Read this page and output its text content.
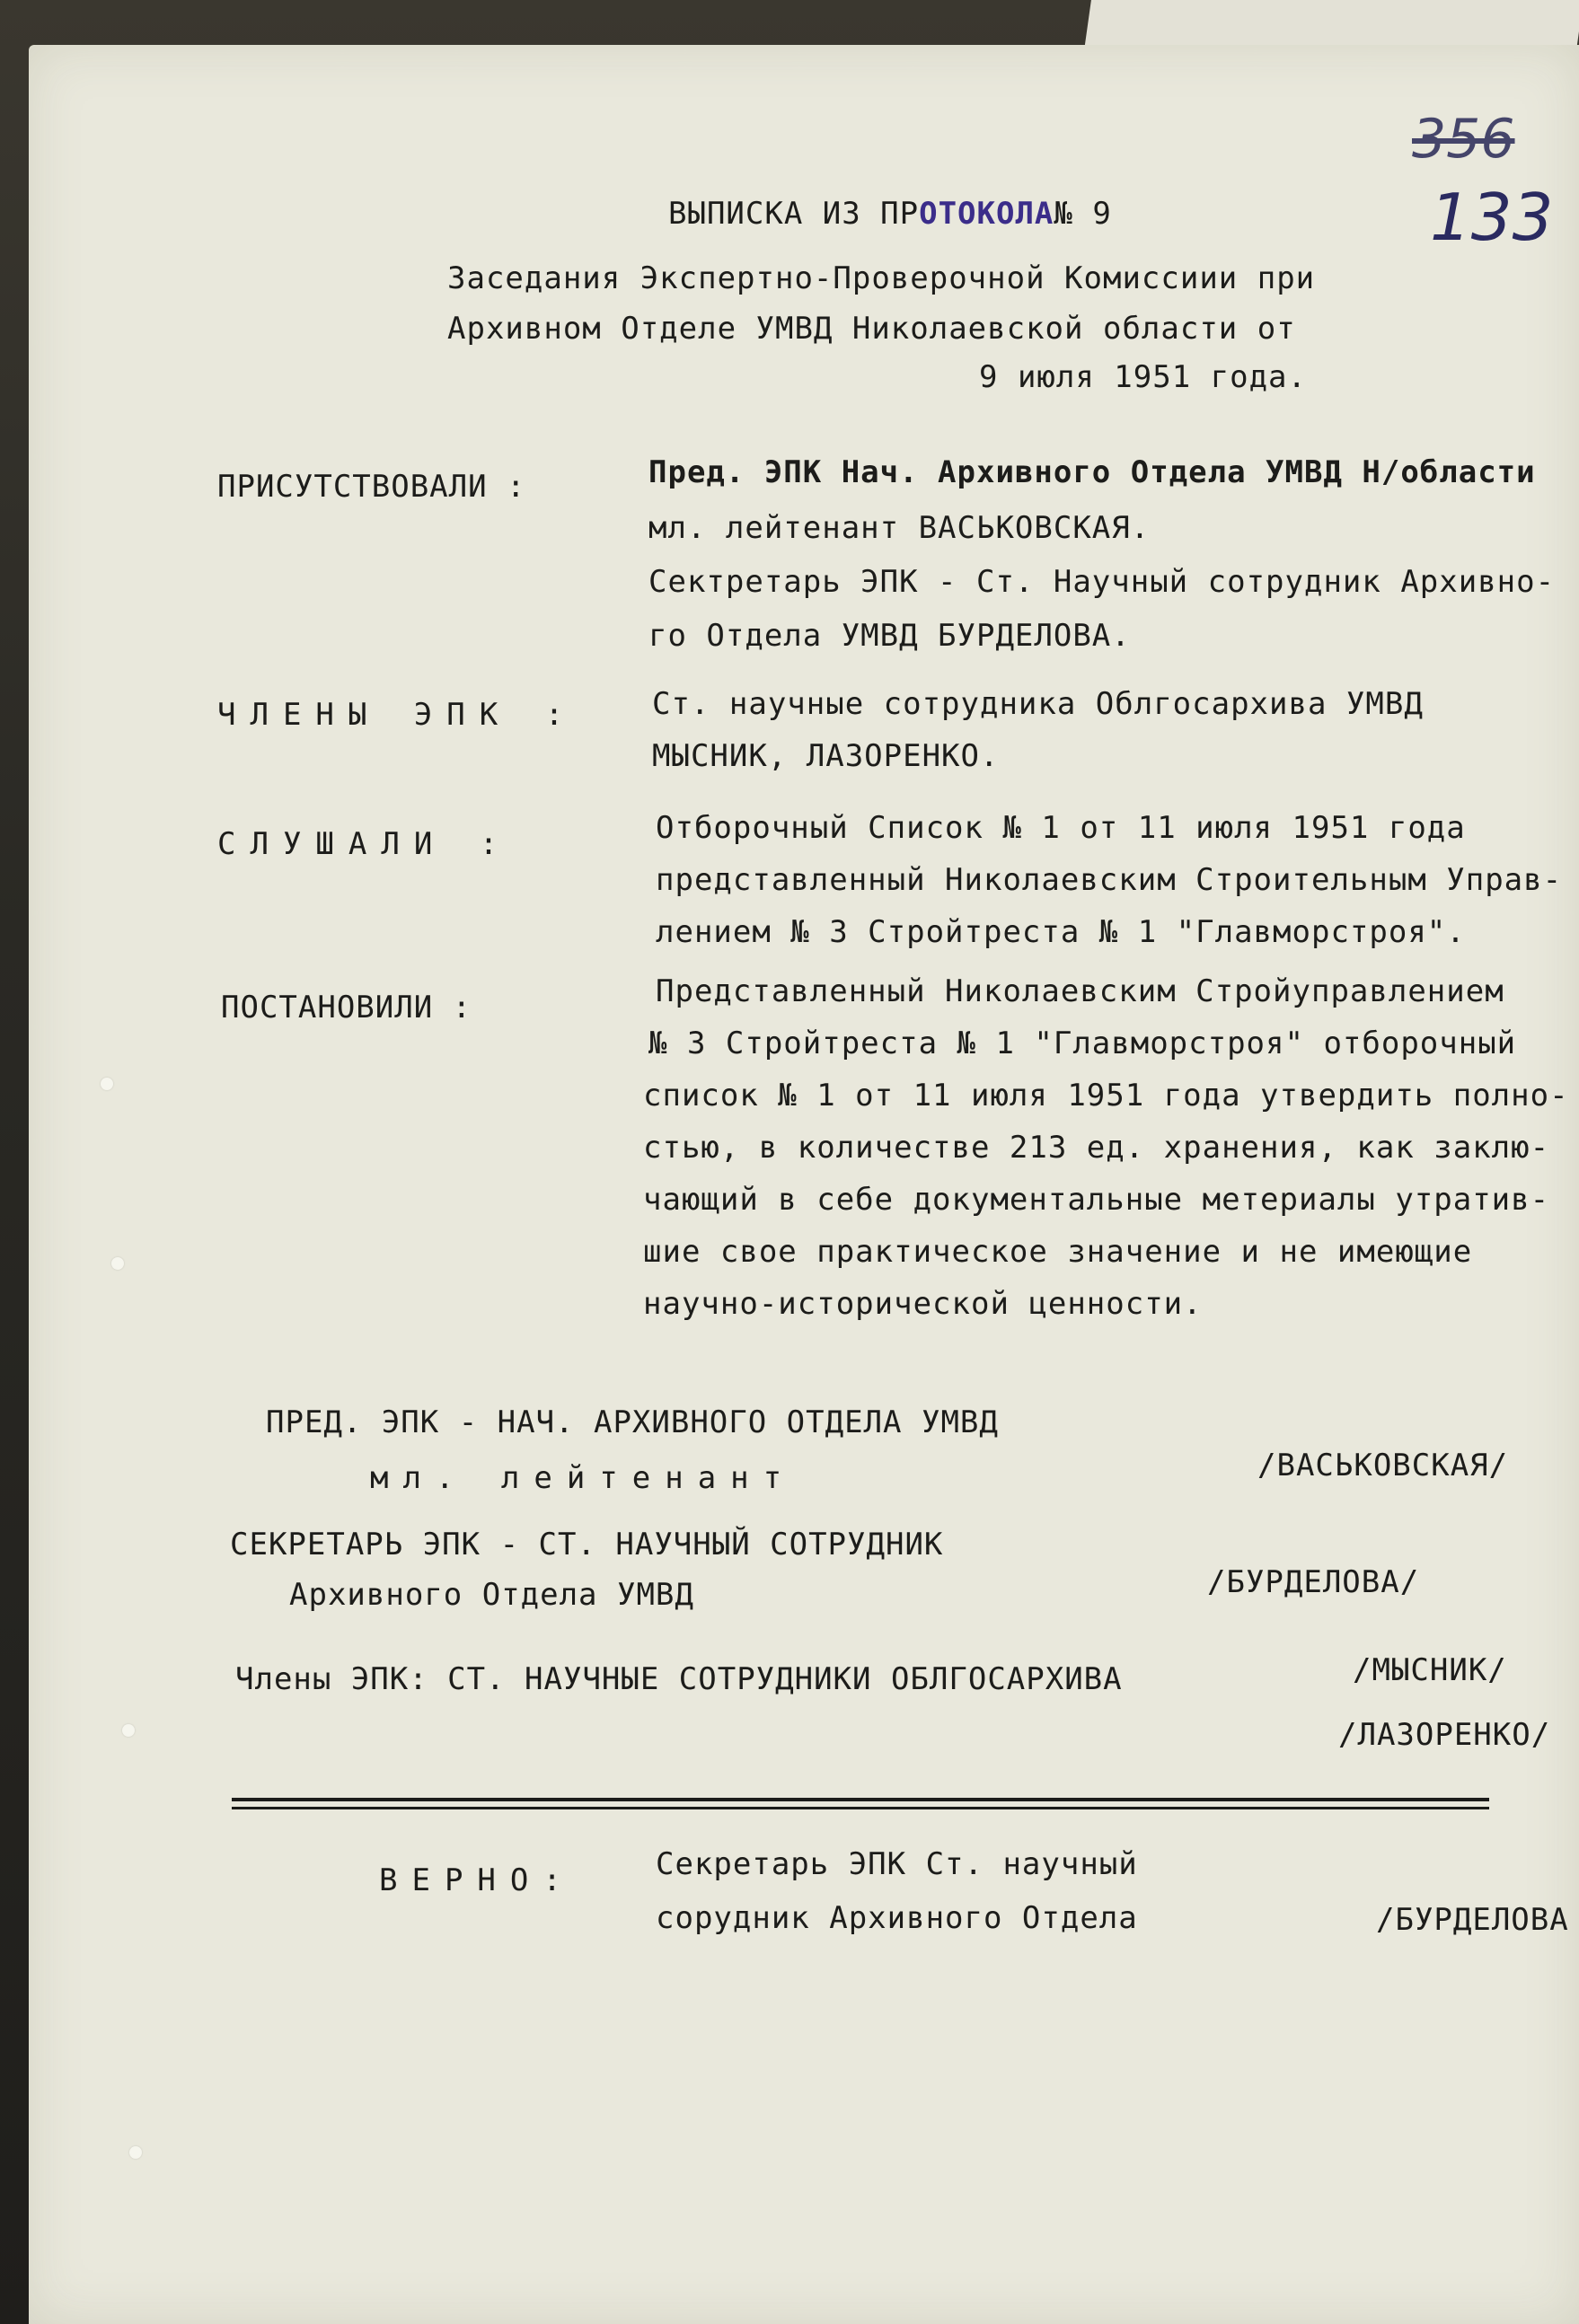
356
133
ВЫПИСКА ИЗ ПРОТОКОЛА№ 9
Заседания Экспертно-Проверочной Комиссиии при
Архивном Отделе УМВД Николаевской области от
9 июля 1951 года.
ПРИСУТСТВОВАЛИ :	Пред. ЭПК Нач. Архивного Отдела УМВД Н/области
мл. лейтенант ВАСЬКОВСКАЯ.
Сектретарь ЭПК - Ст. Научный сотрудник Архивно-
го Отдела УМВД БУРДЕЛОВА.
ЧЛЕНЫ ЭПК : Ст. научные сотрудника Облгосархива УМВД
МЫСНИК, ЛАЗОРЕНКО.
СЛУШАЛИ :	Отборочный Список № 1 от 11 июля 1951 года
представленный Николаевским Строительным Управ-
лением № 3 Стройтреста № 1 "Главморстроя".
ПОСТАНОВИЛИ :	Представленный Николаевским Стройуправлением
№ 3 Стройтреста № 1 "Главморстроя" отборочный
список № 1 от 11 июля 1951 года утвердить полно-
стью, в количестве 213 ед. хранения, как заклю-
чающий в себе документальные метериалы утратив-
шие свое практическое значение и не имеющие
научно-исторической ценности.
ПРЕД. ЭПК - НАЧ. АРХИВНОГО ОТДЕЛА УМВД
мл. лейтенант	/ВАСЬКОВСКАЯ/
СЕКРЕТАРЬ ЭПК - СТ. НАУЧНЫЙ СОТРУДНИК
Архивного Отдела УМВД	/БУРДЕЛОВА/
Члены ЭПК: СТ. НАУЧНЫЕ СОТРУДНИКИ ОБЛГОСАРХИВА	/МЫСНИК/
/ЛАЗОРЕНКО/
ВЕРНО:	Секретарь ЭПК Ст. научный
сорудник Архивного Отдела	/БУРДЕЛОВА
